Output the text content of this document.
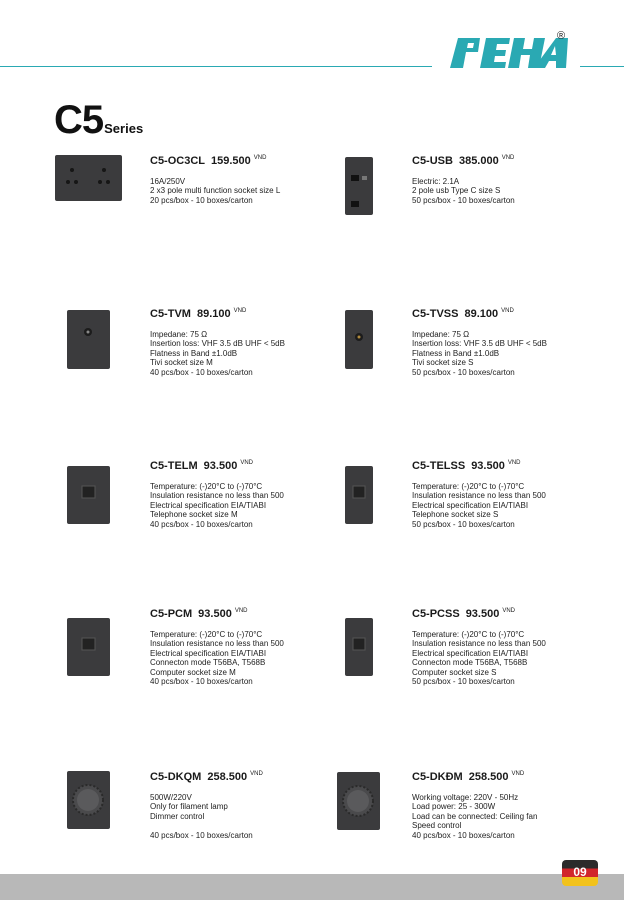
®
C5Series
C5-OC3CL 159.500 $^{VND}$
16A/250V
2 x3 pole multi function socket size L
20 pcs/box - 10 boxes/carton
C5-USB 385.000 $^{VND}$
Electric: 2.1A
2 pole usb Type C size S
50 pcs/box - 10 boxes/carton
C5-TVM 89.100 $^{VND}$
Impedane: 75 Ω
Insertion loss: VHF 3.5 dB UHF < 5dB
Flatness in Band ±1.0dB
Tivi socket size M
40 pcs/box - 10 boxes/carton
C5-TVSS 89.100 $^{VND}$
Impedane: 75 Ω
Insertion loss: VHF 3.5 dB UHF < 5dB
Flatness in Band ±1.0dB
Tivi socket size S
50 pcs/box - 10 boxes/carton
C5-TELM 93.500 $^{VND}$
Temperature: (-)20°C to (-)70°C
Insulation resistance no less than 500
Electrical specification EIA/TIABI
Telephone socket size M
40 pcs/box - 10 boxes/carton
C5-TELSS 93.500 $^{VND}$
Temperature: (-)20°C to (-)70°C
Insulation resistance no less than 500
Electrical specification EIA/TIABI
Telephone socket size S
50 pcs/box - 10 boxes/carton
C5-PCM 93.500 $^{VND}$
Temperature: (-)20°C to (-)70°C
Insulation resistance no less than 500
Electrical specification EIA/TIABI
Connecton mode T56BA, T568B
Computer socket size M
40 pcs/box - 10 boxes/carton
C5-PCSS 93.500 $^{VND}$
Temperature: (-)20°C to (-)70°C
Insulation resistance no less than 500
Electrical specification EIA/TIABI
Connecton mode T56BA, T568B
Computer socket size S
50 pcs/box - 10 boxes/carton
C5-DKQM 258.500 $^{VND}$
500W/220V
Only for filament lamp
Dimmer control

40 pcs/box - 10 boxes/carton
C5-DKĐM 258.500 $^{VND}$
Working voltage: 220V - 50Hz
Load power: 25 - 300W
Load can be connected: Ceiling fan
Speed control
40 pcs/box - 10 boxes/carton
09
